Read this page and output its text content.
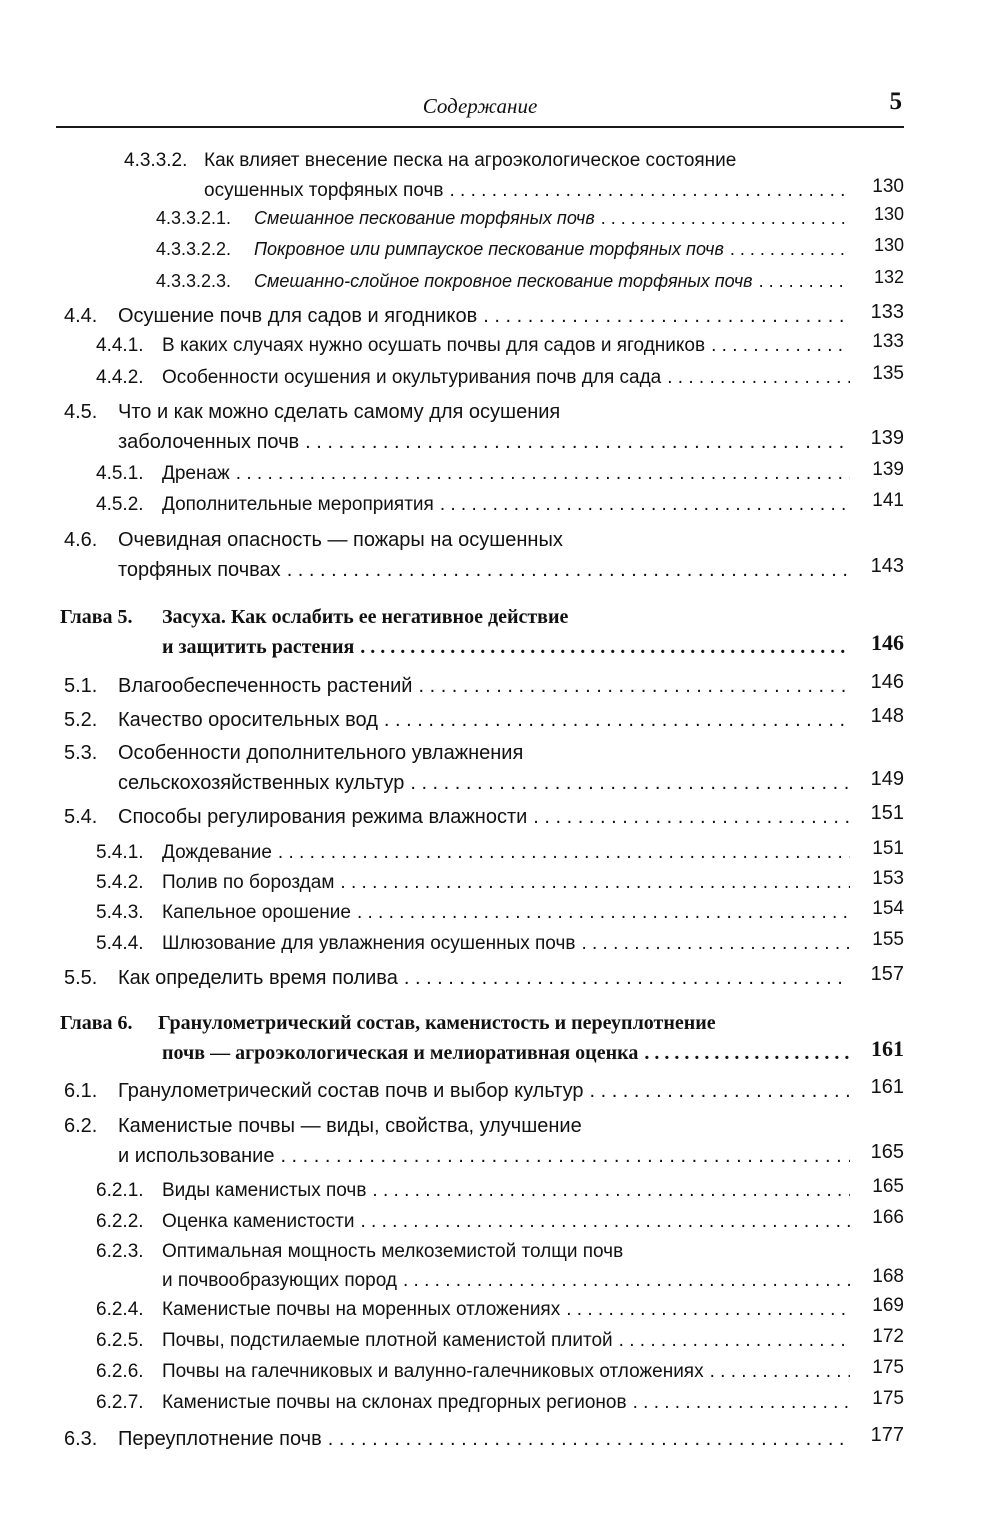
Содержание	5
4.3.3.2. Как влияет внесение песка на агроэкологическое состояние
осушенных торфяных почв . . .	130
4.3.3.2.1. Смешанное пескование торфяных почв . . .	130
4.3.3.2.2. Покровное или римпауское пескование торфяных почв . . .	130
4.3.3.2.3. Смешанно-слойное покровное пескование торфяных почв . . .	132
4.4. Осушение почв для садов и ягодников . . .	133
4.4.1. В каких случаях нужно осушать почвы для садов и ягодников . . .	133
4.4.2. Особенности осушения и окультуривания почв для сада . . .	135
4.5. Что и как можно сделать самому для осушения
заболоченных почв . . .	139
4.5.1. Дренаж . . .	139
4.5.2. Дополнительные мероприятия . . .	141
4.6. Очевидная опасность — пожары на осушенных
торфяных почвах . . .	143
Глава 5. Засуха. Как ослабить ее негативное действие
и защитить растения . . .	146
5.1. Влагообеспеченность растений . . .	146
5.2. Качество оросительных вод . . .	148
5.3. Особенности дополнительного увлажнения
сельскохозяйственных культур . . .	149
5.4. Способы регулирования режима влажности . . .	151
5.4.1. Дождевание . . .	151
5.4.2. Полив по бороздам . . .	153
5.4.3. Капельное орошение . . .	154
5.4.4. Шлюзование для увлажнения осушенных почв . . .	155
5.5. Как определить время полива . . .	157
Глава 6. Гранулометрический состав, каменистость и переуплотнение
почв — агроэкологическая и мелиоративная оценка . . .	161
6.1. Гранулометрический состав почв и выбор культур . . .	161
6.2. Каменистые почвы — виды, свойства, улучшение
и использование . . .	165
6.2.1. Виды каменистых почв . . .	165
6.2.2. Оценка каменистости . . .	166
6.2.3. Оптимальная мощность мелкоземистой толщи почв
и почвообразующих пород . . .	168
6.2.4. Каменистые почвы на моренных отложениях . . .	169
6.2.5. Почвы, подстилаемые плотной каменистой плитой . . .	172
6.2.6. Почвы на галечниковых и валунно-галечниковых отложениях . . .	175
6.2.7. Каменистые почвы на склонах предгорных регионов . . .	175
6.3. Переуплотнение почв . . .	177
